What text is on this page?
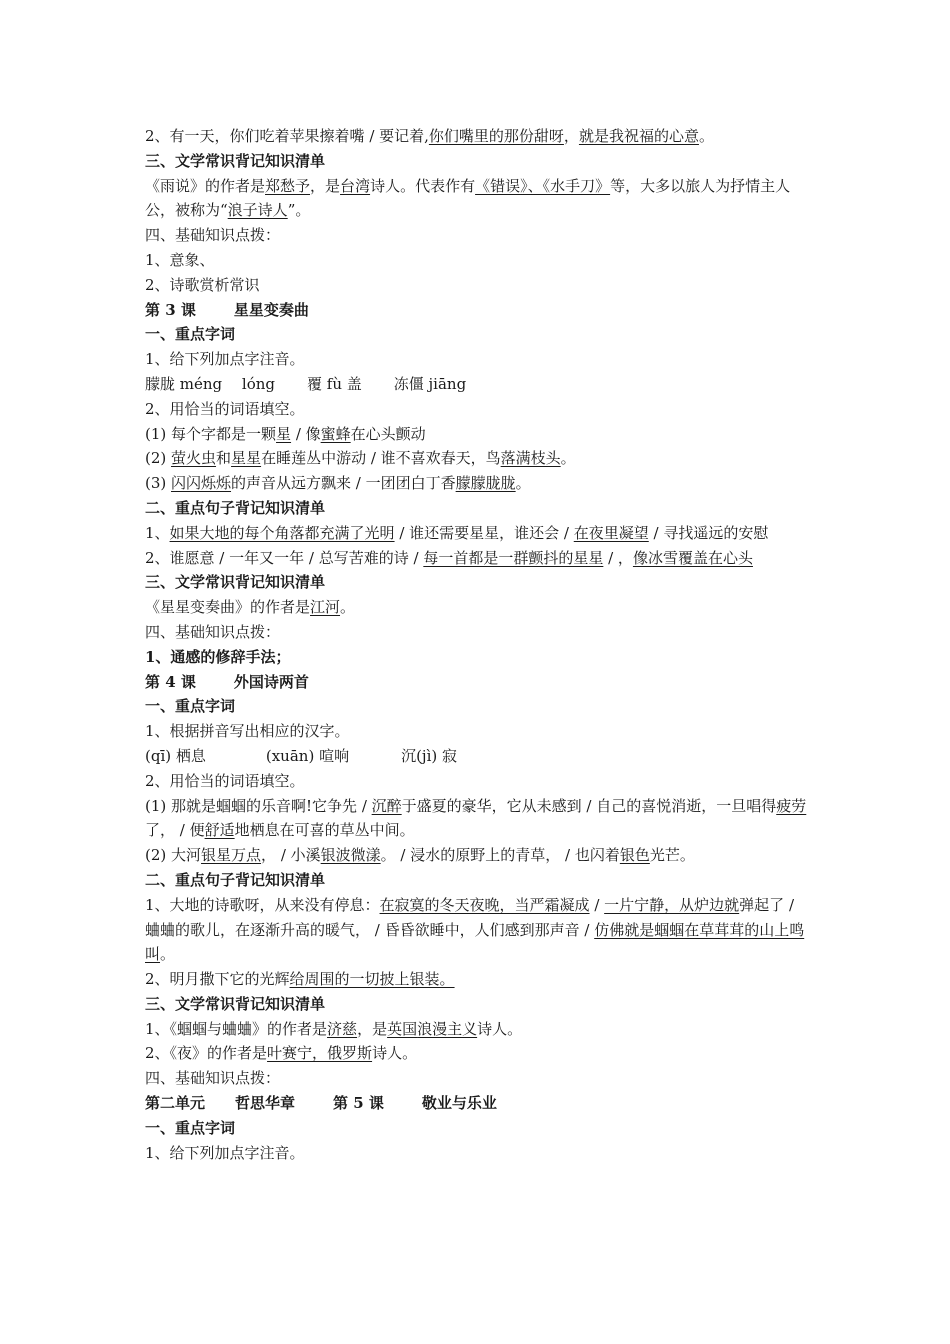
2、有一天，你们吃着苹果擦着嘴 / 要记着,你们嘴里的那份甜呀，就是我祝福的心意。
三、文学常识背记知识清单
《雨说》的作者是郑愁予，是台湾诗人。代表作有《错误》、《水手刀》等，大多以旅人为抒情主人公，被称为“浪子诗人”。
四、基础知识点拨：
1、意象、
2、诗歌赏析常识
第 3 课	星星变奏曲
一、重点字词
1、给下列加点字注音。
朦胧 méng　 lóng 覆 fù 盖 冻僵 jiāng
2、用恰当的词语填空。
(1) 每个字都是一颗星 / 像蜜蜂在心头颤动
(2) 萤火虫和星星在睡莲丛中游动 / 谁不喜欢春天，鸟落满枝头。
(3) 闪闪烁烁的声音从远方飘来 / 一团团白丁香朦朦胧胧。
二、重点句子背记知识清单
1、如果大地的每个角落都充满了光明 / 谁还需要星星，谁还会 / 在夜里凝望 / 寻找遥远的安慰
2、谁愿意 / 一年又一年 / 总写苦难的诗 / 每一首都是一群颤抖的星星 / ，像冰雪覆盖在心头
三、文学常识背记知识清单
《星星变奏曲》的作者是江河。
四、基础知识点拨：
1、通感的修辞手法；
第 4 课	外国诗两首
一、重点字词
1、根据拼音写出相应的汉字。
(qī) 栖息	(xuān) 喧响	沉(jì) 寂
2、用恰当的词语填空。
(1) 那就是蝈蝈的乐音啊!它争先 / 沉醉于盛夏的豪华，它从未感到 / 自己的喜悦消逝，一旦唱得疲劳了， / 便舒适地栖息在可喜的草丛中间。
(2) 大河银星万点， / 小溪银波微漾。 / 浸水的原野上的青草， / 也闪着银色光芒。
二、重点句子背记知识清单
1、大地的诗歌呀，从来没有停息：在寂寞的冬天夜晚，当严霜凝成 / 一片宁静，从炉边就弹起了 / 蛐蛐的歌儿，在逐渐升高的暖气， / 昏昏欲睡中，人们感到那声音 / 仿佛就是蝈蝈在草茸茸的山上鸣叫。
2、明月撒下它的光辉给周围的一切披上银装。
三、文学常识背记知识清单
1、《蝈蝈与蛐蛐》的作者是济慈，是英国浪漫主义诗人。
2、《夜》的作者是叶赛宁，俄罗斯诗人。
四、基础知识点拨：
第二单元 哲思华章	第 5 课	敬业与乐业
一、重点字词
1、给下列加点字注音。
